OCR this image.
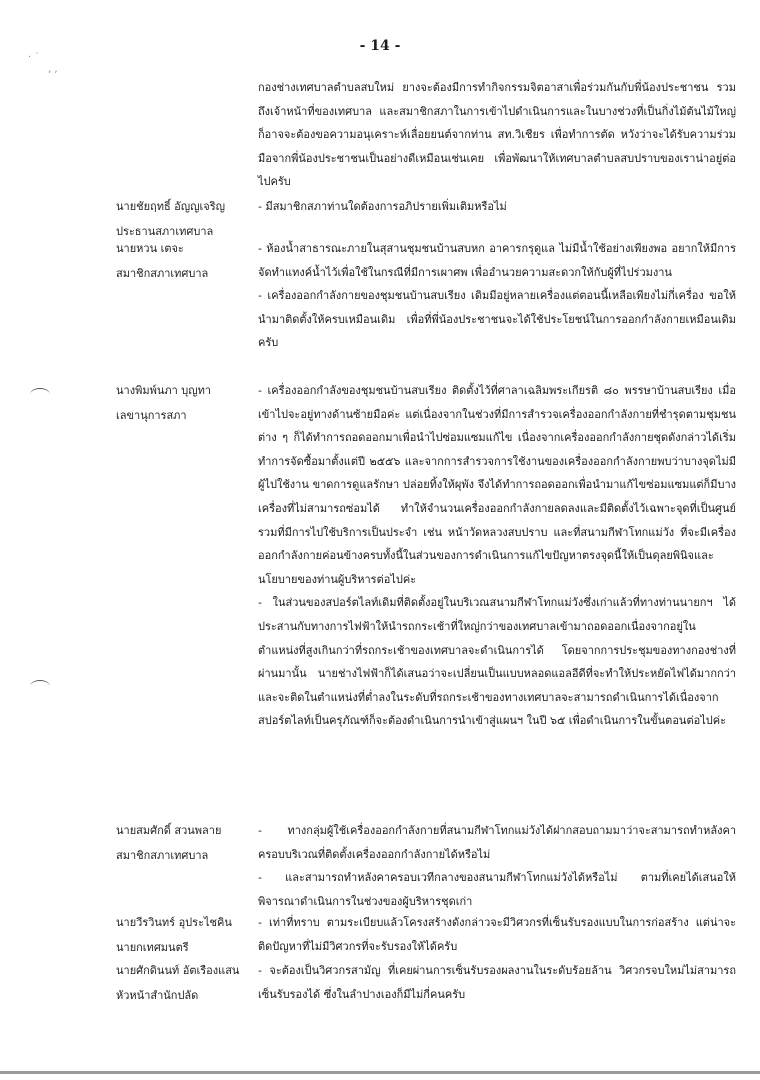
- 14 -
· ˙
, ,
กองช่างเทศบาลตำบลสบใหม่ ยางจะต้องมีการทำกิจกรรมจิตอาสาเพื่อร่วมกันกับพี่น้องประชาชน รวมถึงเจ้าหน้าที่ของเทศบาล และสมาชิกสภาในการเข้าไปดำเนินการและในบางช่วงที่เป็นกิ่งไม้ต้นไม้ใหญ่ก็อาจจะต้องขอความอนุเคราะห์เลื่อยยนต์จากท่าน สท.วิเชียร เพื่อทำการตัด หวังว่าจะได้รับความร่วมมือจากพี่น้องประชาชนเป็นอย่างดีเหมือนเช่นเคย เพื่อพัฒนาให้เทศบาลตำบลสบปราบของเราน่าอยู่ต่อไปครับ
นายชัยฤทธิ์ อัญญเจริญ
ประธานสภาเทศบาล
- มีสมาชิกสภาท่านใดต้องการอภิปรายเพิ่มเติมหรือไม่
นายหวน เตจะ
สมาชิกสภาเทศบาล
- ห้องน้ำสาธารณะภายในสุสานชุมชนบ้านสบหก อาคารกรุดูแล ไม่มีน้ำใช้อย่างเพียงพอ อยากให้มีการจัดทำแทงค์น้ำไว้เพื่อใช้ในกรณีที่มีการเผาศพ เพื่ออำนวยความสะดวกให้กับผู้ที่ไปร่วมงาน
- เครื่องออกกำลังกายของชุมชนบ้านสบเรียง เดิมมีอยู่หลายเครื่องแต่ตอนนี้เหลือเพียงไม่กี่เครื่อง ขอให้นำมาติดตั้งให้ครบเหมือนเดิม เพื่อที่พี่น้องประชาชนจะได้ใช้ประโยชน์ในการออกกำลังกายเหมือนเดิมครับ
นางพิมพ์นภา บุญทา
เลขานุการสภา
- เครื่องออกกำลังของชุมชนบ้านสบเรียง ติดตั้งไว้ที่ศาลาเฉลิมพระเกียรติ ๘๐ พรรษาบ้านสบเรียง เมื่อเข้าไปจะอยู่ทางด้านซ้ายมือค่ะ แต่เนื่องจากในช่วงที่มีการสำรวจเครื่องออกกำลังกายที่ชำรุดตามชุมชนต่าง ๆ ก็ได้ทำการถอดออกมาเพื่อนำไปซ่อมแซมแก้ไข เนื่องจากเครื่องออกกำลังกายชุดดังกล่าวได้เริ่มทำการจัดซื้อมาตั้งแต่ปี ๒๕๕๖ และจากการสำรวจการใช้งานของเครื่องออกกำลังกายพบว่าบางจุดไม่มีผู้ไปใช้งาน ขาดการดูแลรักษา ปล่อยทิ้งให้ผุพัง จึงได้ทำการถอดออกเพื่อนำมาแก้ไขซ่อมแซมแต่ก็มีบางเครื่องที่ไม่สามารถซ่อมได้ ทำให้จำนวนเครื่องออกกำลังกายลดลงและมีติดตั้งไว้เฉพาะจุดที่เป็นศูนย์รวมที่มีการไปใช้บริการเป็นประจำ เช่น หน้าวัดหลวงสบปราบ และที่สนามกีฬาโทกแม่วัง ที่จะมีเครื่องออกกำลังกายค่อนข้างครบทั้งนี้ในส่วนของการดำเนินการแก้ไขปัญหาตรงจุดนี้ให้เป็นดุลยพินิจและนโยบายของท่านผู้บริหารต่อไปค่ะ
- ในส่วนของสปอร์ตไลท์เดิมที่ติดตั้งอยู่ในบริเวณสนามกีฬาโทกแม่วังซึ่งเก่าแล้วที่ทางท่านนายกฯ ได้ประสานกับทางการไฟฟ้าให้นำรถกระเช้าที่ใหญ่กว่าของเทศบาลเข้ามาถอดออกเนื่องจากอยู่ในตำแหน่งที่สูงเกินกว่าที่รถกระเช้าของเทศบาลจะดำเนินการได้ โดยจากการประชุมของทางกองช่างที่ผ่านมานั้น นายช่างไฟฟ้าก็ได้เสนอว่าจะเปลี่ยนเป็นแบบหลอดแอลอีดีที่จะทำให้ประหยัดไฟได้มากกว่าและจะติดในตำแหน่งที่ต่ำลงในระดับที่รถกระเช้าของทางเทศบาลจะสามารถดำเนินการได้เนื่องจากสปอร์ตไลท์เป็นครุภัณฑ์ก็จะต้องดำเนินการนำเข้าสู่แผนฯ ในปี ๖๕ เพื่อดำเนินการในขั้นตอนต่อไปค่ะ
นายสมศักดิ์ สวนพลาย
สมาชิกสภาเทศบาล
- ทางกลุ่มผู้ใช้เครื่องออกกำลังกายที่สนามกีฬาโทกแม่วังได้ฝากสอบถามมาว่าจะสามารถทำหลังคาครอบบริเวณที่ติดตั้งเครื่องออกกำลังกายได้หรือไม่
- และสามารถทำหลังคาครอบเวทีกลางของสนามกีฬาโทกแม่วังได้หรือไม่ ตามที่เคยได้เสนอให้พิจารณาดำเนินการในช่วงของผู้บริหารชุดเก่า
นายวีรวินทร์ อุประไชคิน
นายกเทศมนตรี
- เท่าที่ทราบ ตามระเบียบแล้วโครงสร้างดังกล่าวจะมีวิศวกรที่เซ็นรับรองแบบในการก่อสร้าง แต่น่าจะติดปัญหาที่ไม่มีวิศวกรที่จะรับรองให้ได้ครับ
นายศักดินนท์ อัตเรืองแสน
หัวหน้าสำนักปลัด
- จะต้องเป็นวิศวกรสามัญ ที่เคยผ่านการเซ็นรับรองผลงานในระดับร้อยล้าน วิศวกรจบใหม่ไม่สามารถเซ็นรับรองได้ ซึ่งในลำปางเองก็มีไม่กี่คนครับ
